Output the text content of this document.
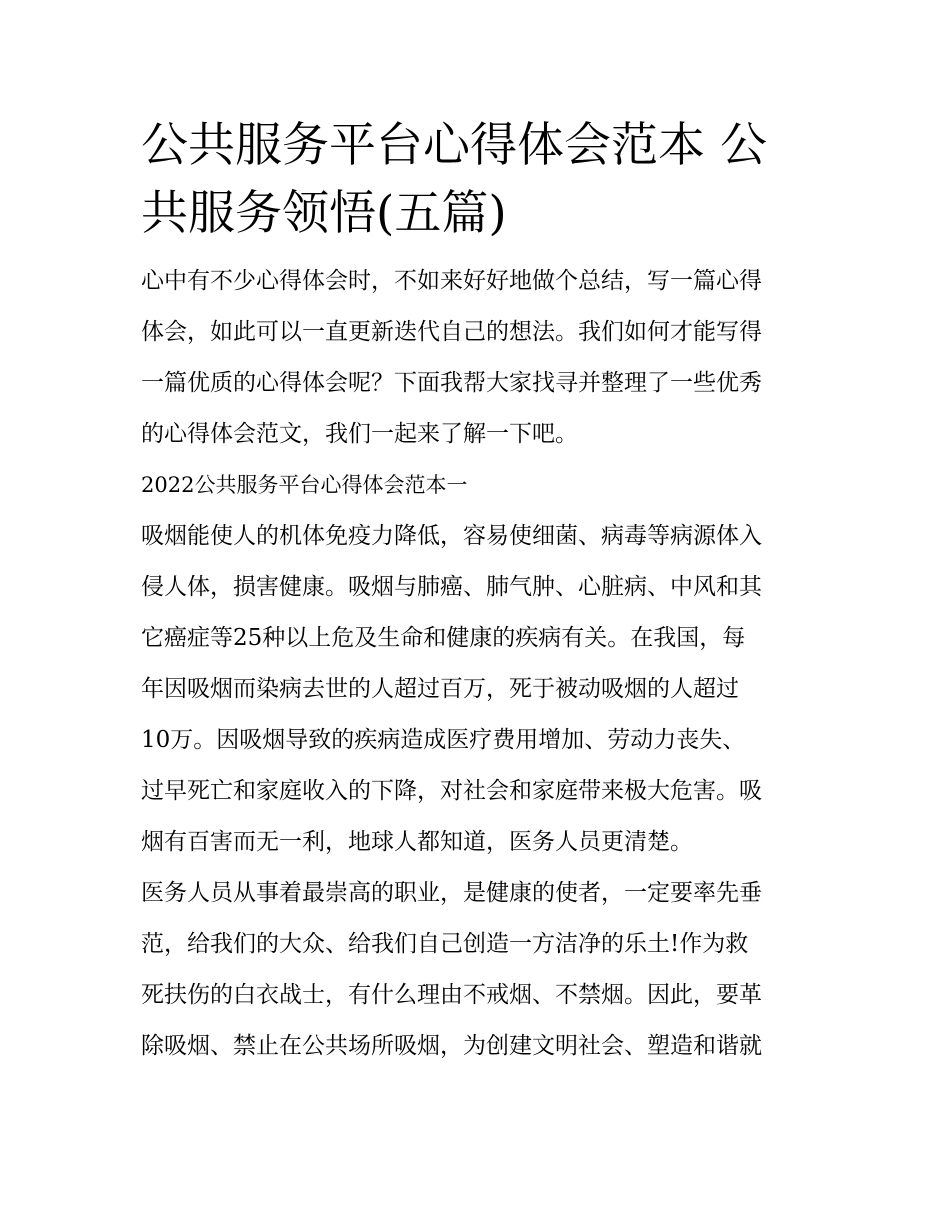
公共服务平台心得体会范本 公
共服务领悟(五篇)

心中有不少心得体会时，不如来好好地做个总结，写一篇心得
体会，如此可以一直更新迭代自己的想法。我们如何才能写得
一篇优质的心得体会呢？下面我帮大家找寻并整理了一些优秀
的心得体会范文，我们一起来了解一下吧。

2022公共服务平台心得体会范本一

吸烟能使人的机体免疫力降低，容易使细菌、病毒等病源体入
侵人体，损害健康。吸烟与肺癌、肺气肿、心脏病、中风和其
它癌症等25种以上危及生命和健康的疾病有关。在我国，每
年因吸烟而染病去世的人超过百万，死于被动吸烟的人超过
10万。因吸烟导致的疾病造成医疗费用增加、劳动力丧失、
过早死亡和家庭收入的下降，对社会和家庭带来极大危害。吸
烟有百害而无一利，地球人都知道，医务人员更清楚。

医务人员从事着最崇高的职业，是健康的使者，一定要率先垂
范，给我们的大众、给我们自己创造一方洁净的乐土!作为救
死扶伤的白衣战士，有什么理由不戒烟、不禁烟。因此，要革
除吸烟、禁止在公共场所吸烟，为创建文明社会、塑造和谐就
